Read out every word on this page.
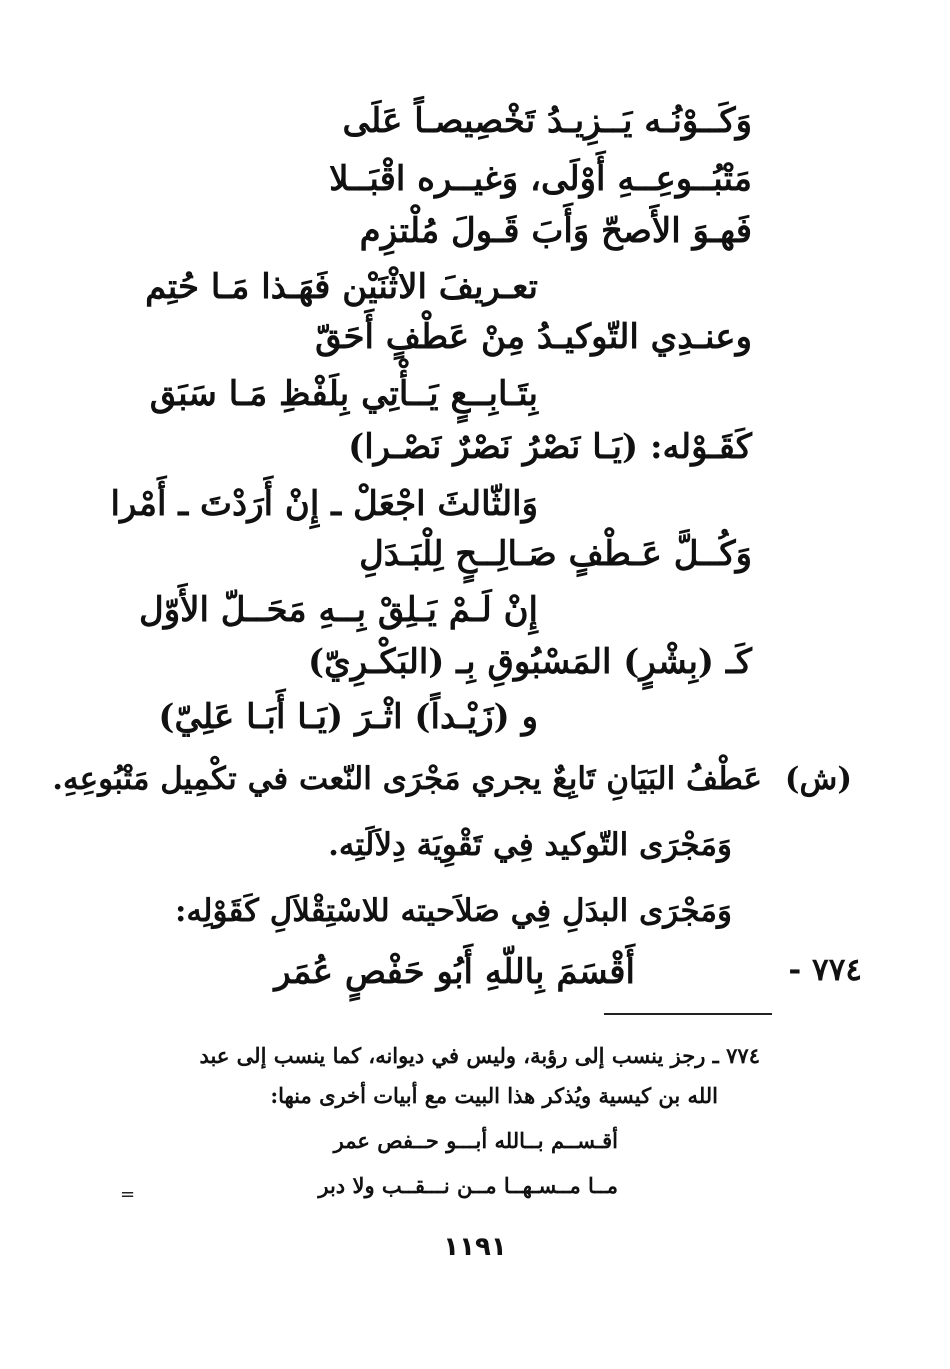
وَكَــوْنُـه يَــزِيـدُ تَخْصِيصـاً عَلَى
مَتْبُــوعِــهِ أَوْلَى، وَغيــره اقْبَــلا
فَهـوَ الأَصحّ وَأَبَ قَـولَ مُلْتزِم
تعـريفَ الاثْنَيْن فَهَـذا مَـا حُتِم
وعنـدِي التّوكيـدُ مِنْ عَطْفٍ أَحَقّ
بِتَـابِــعٍ يَــأْتِي بِلَفْظِ مَـا سَبَق
كَقَـوْله: (يَـا نَصْرُ نَصْرٌ نَصْـرا)
وَالثّالثَ اجْعَلْ ـ إِنْ أَرَدْتَ ـ أَمْرا
وَكُــلَّ عَـطْفٍ صَـالِــحٍ لِلْبَـدَلِ
إِنْ لَـمْ يَـلِقْ بِــهِ مَحَــلّ الأَوّل
كَـ (بِشْرٍ) المَسْبُوقِ بِـ (البَكْـرِيّ)
و (زَيْـداً) اثْـرَ (يَـا أَبَـا عَلِيّ)
(ش)
عَطْفُ البَيَانِ تَابِعٌ يجري مَجْرَى النّعت في تكْمِيل مَتْبُوعِهِ.
وَمَجْرَى التّوكيد فِي تَقْوِيَة دِلاَلَتِه.
وَمَجْرَى البدَلِ فِي صَلاَحيته للاسْتِقْلاَلِ كَقَوْلِه:
٧٧٤ -
أَقْسَمَ بِاللّهِ أَبُو حَفْصٍ عُمَر
٧٧٤ ـ رجز ينسب إلى رؤبة، وليس في ديوانه، كما ينسب إلى عبد
الله بن كيسية ويُذكر هذا البيت مع أبيات أخرى منها:
أقـســم بــالله أبـــو حــفص عمر
مــا مــسـهــا مــن نـــقــب ولا دبر
=
١١٩١
